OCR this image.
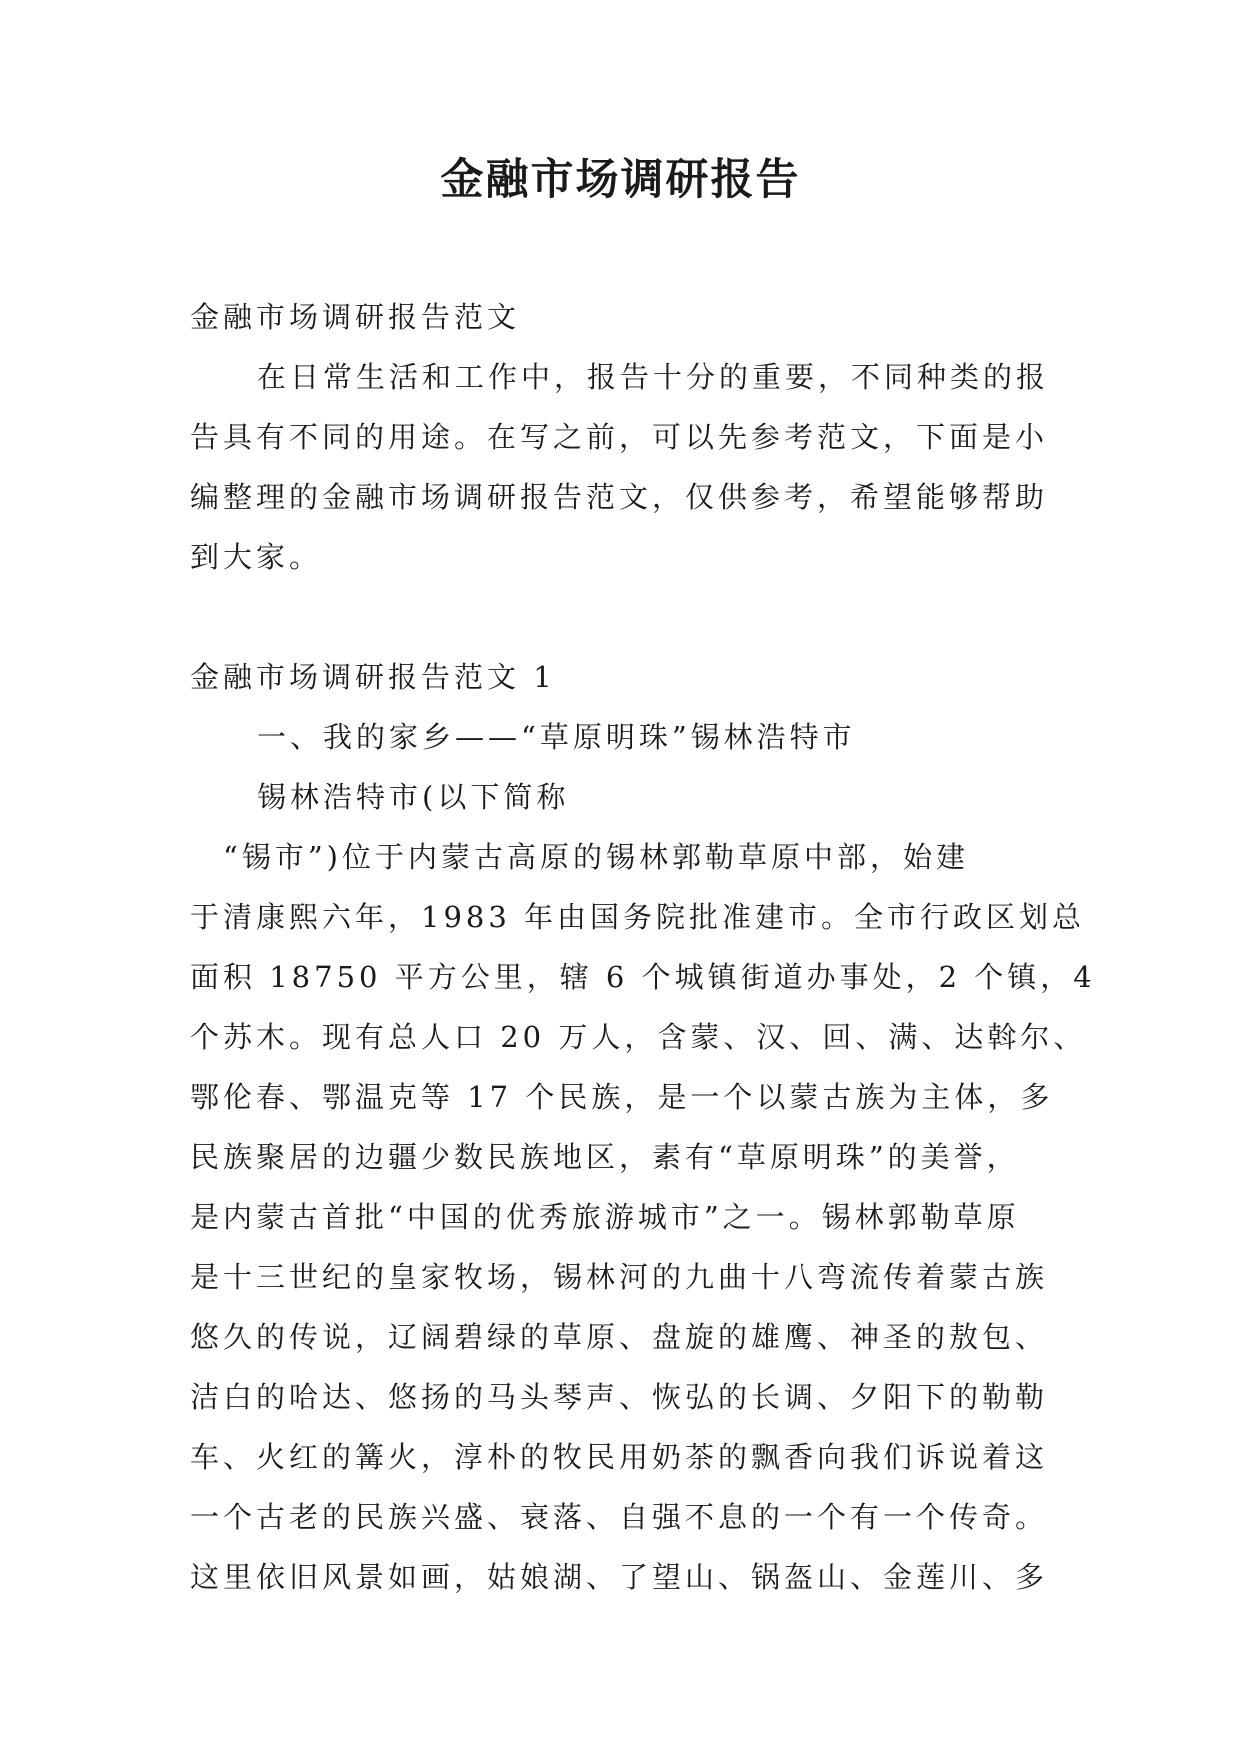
金融市场调研报告
金融市场调研报告范文
在日常生活和工作中，报告十分的重要，不同种类的报
告具有不同的用途。在写之前，可以先参考范文，下面是小
编整理的金融市场调研报告范文，仅供参考，希望能够帮助
到大家。
金融市场调研报告范文 1
一、我的家乡——“草原明珠”锡林浩特市
锡林浩特市(以下简称
“锡市”)位于内蒙古高原的锡林郭勒草原中部，始建
于清康熙六年，1983 年由国务院批准建市。全市行政区划总
面积 18750 平方公里，辖 6 个城镇街道办事处，2 个镇，4
个苏木。现有总人口 20 万人，含蒙、汉、回、满、达斡尔、
鄂伦春、鄂温克等 17 个民族，是一个以蒙古族为主体，多
民族聚居的边疆少数民族地区，素有“草原明珠”的美誉，
是内蒙古首批“中国的优秀旅游城市”之一。锡林郭勒草原
是十三世纪的皇家牧场，锡林河的九曲十八弯流传着蒙古族
悠久的传说，辽阔碧绿的草原、盘旋的雄鹰、神圣的敖包、
洁白的哈达、悠扬的马头琴声、恢弘的长调、夕阳下的勒勒
车、火红的篝火，淳朴的牧民用奶茶的飘香向我们诉说着这
一个古老的民族兴盛、衰落、自强不息的一个有一个传奇。
这里依旧风景如画，姑娘湖、了望山、锅盔山、金莲川、多
